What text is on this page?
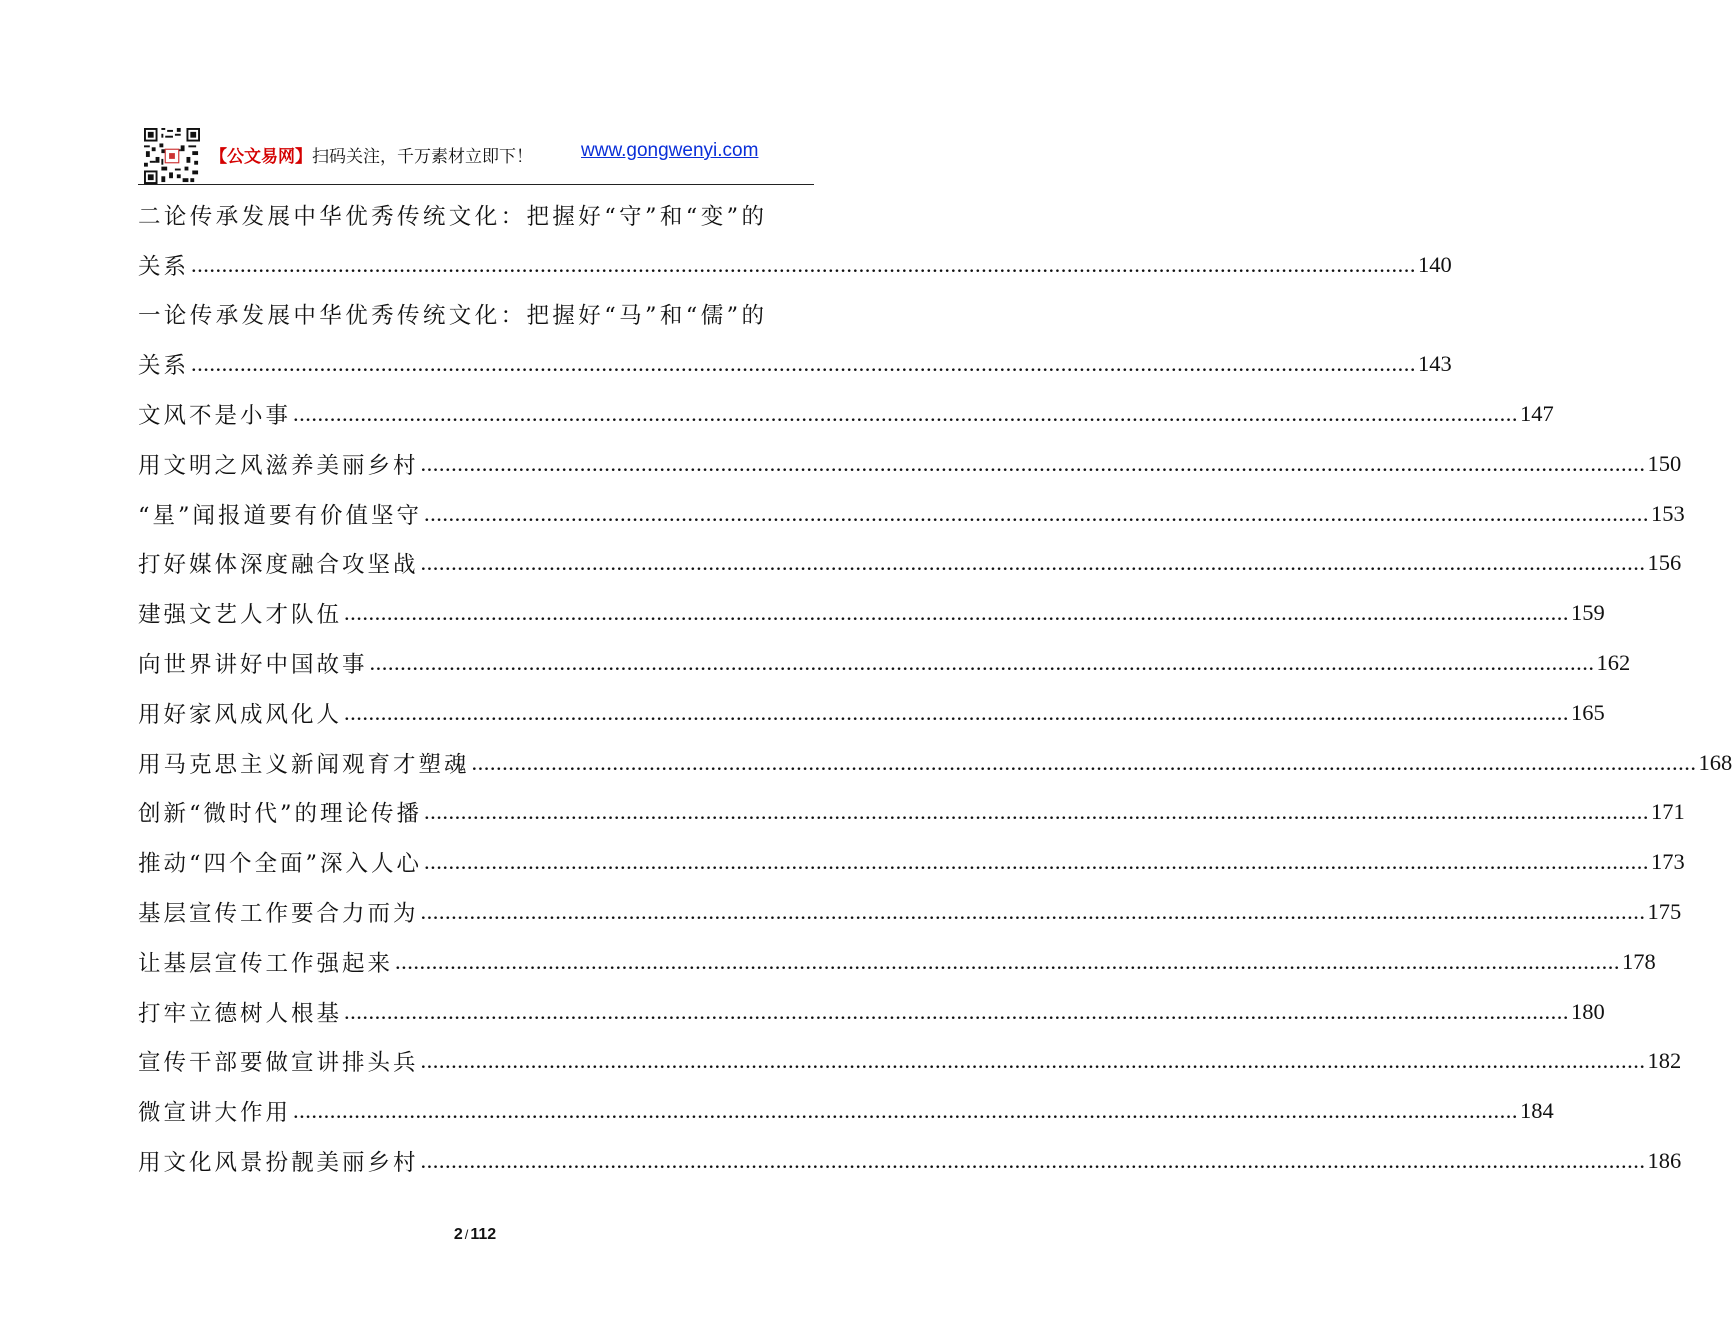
【公文易网】 扫码关注，千万素材立即下！	www.gongwenyi.com
二论传承发展中华优秀传统文化：把握好“守”和“变”的
关系 ........................................................................................................................................................................................................ 140
一论传承发展中华优秀传统文化：把握好“马”和“儒”的
关系 ........................................................................................................................................................................................................ 143
文风不是小事 ........................................................................................................................................................................................................ 147
用文明之风滋养美丽乡村 ........................................................................................................................................................................................................ 150
“星”闻报道要有价值坚守 ........................................................................................................................................................................................................ 153
打好媒体深度融合攻坚战 ........................................................................................................................................................................................................ 156
建强文艺人才队伍 ........................................................................................................................................................................................................ 159
向世界讲好中国故事 ........................................................................................................................................................................................................ 162
用好家风成风化人 ........................................................................................................................................................................................................ 165
用马克思主义新闻观育才塑魂 ........................................................................................................................................................................................................ 168
创新“微时代”的理论传播 ........................................................................................................................................................................................................ 171
推动“四个全面”深入人心 ........................................................................................................................................................................................................ 173
基层宣传工作要合力而为 ........................................................................................................................................................................................................ 175
让基层宣传工作强起来 ........................................................................................................................................................................................................ 178
打牢立德树人根基 ........................................................................................................................................................................................................ 180
宣传干部要做宣讲排头兵 ........................................................................................................................................................................................................ 182
微宣讲大作用 ........................................................................................................................................................................................................ 184
用文化风景扮靓美丽乡村 ........................................................................................................................................................................................................ 186
2 / 112
